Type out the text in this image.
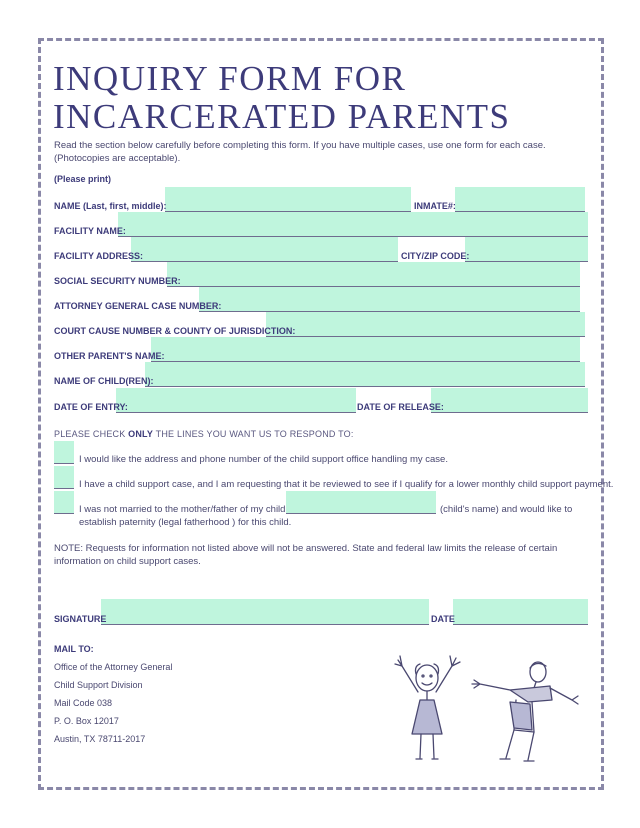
INQUIRY FORM FOR INCARCERATED PARENTS

Read the section below carefully before completing this form. If you have multiple cases, use one form for each case. (Photocopies are acceptable).

(Please print)
NAME (Last, first, middle):	INMATE#:
FACILITY NAME:
FACILITY ADDRESS:	CITY/ZIP CODE:
SOCIAL SECURITY NUMBER:
ATTORNEY GENERAL CASE NUMBER:
COURT CAUSE NUMBER & COUNTY OF JURISDICTION:
OTHER PARENT'S NAME:
NAME OF CHILD(REN):
DATE OF ENTRY:	DATE OF RELEASE:
PLEASE CHECK ONLY THE LINES YOU WANT US TO RESPOND TO:
I would like the address and phone number of the child support office handling my case.
I have a child support case, and I am requesting that it be reviewed to see if I qualify for a lower monthly child support payment.
I was not married to the mother/father of my child	(child's name) and would like to
establish paternity (legal fatherhood ) for this child.

NOTE: Requests for information not listed above will not be answered. State and federal law limits the release of certain information on child support cases.

SIGNATURE	DATE
MAIL TO:
Office of the Attorney General
Child Support Division
Mail Code 038
P. O. Box 12017
Austin, TX 78711-2017
